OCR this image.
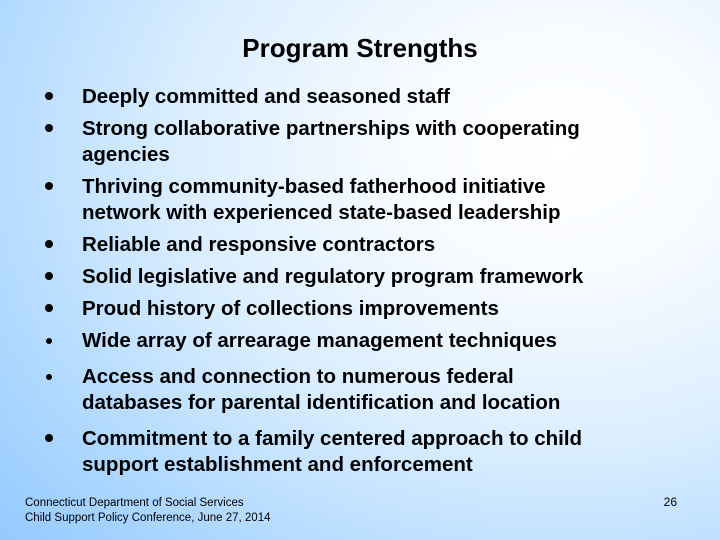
Program Strengths
Deeply committed and seasoned staff
Strong collaborative partnerships with cooperating
agencies
Thriving community-based fatherhood initiative
network with experienced state-based leadership
Reliable and responsive contractors
Solid legislative and regulatory program framework
Proud history of collections improvements
Wide array of arrearage management techniques
Access and connection to numerous federal
databases for parental identification and location
Commitment to a family centered approach to child
support establishment and enforcement
Connecticut Department of Social Services
Child Support Policy Conference, June 27, 2014
26
